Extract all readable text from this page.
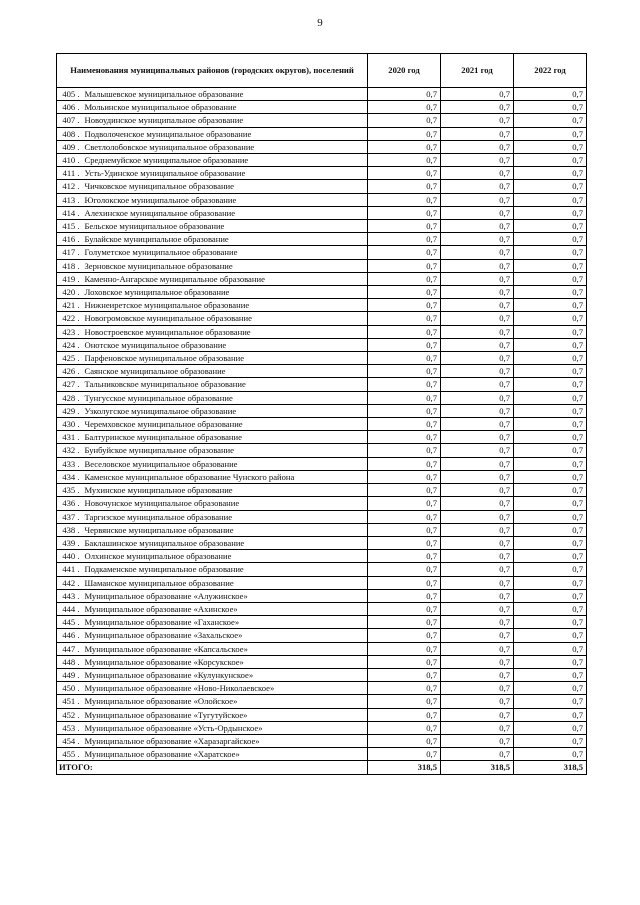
9
Наименования муниципальных районов (городских округов), поселений		2020 год	2021 год	2022 год
405 .	Малышевское муниципальное образование	0,7	0,7	0,7
406 .	Мольинское муниципальное образование	0,7	0,7	0,7
407 .	Новоудинское муниципальное образование	0,7	0,7	0,7
408 .	Подволоченское муниципальное образование	0,7	0,7	0,7
409 .	Светлолобовское муниципальное образование	0,7	0,7	0,7
410 .	Среднемуйское муниципальное образование	0,7	0,7	0,7
411 .	Усть-Удинское муниципальное образование	0,7	0,7	0,7
412 .	Чичковское муниципальное образование	0,7	0,7	0,7
413 .	Юголокское муниципальное образование	0,7	0,7	0,7
414 .	Алехинское муниципальное образование	0,7	0,7	0,7
415 .	Бельское муниципальное образование	0,7	0,7	0,7
416 .	Булайское муниципальное образование	0,7	0,7	0,7
417 .	Голуметское муниципальное образование	0,7	0,7	0,7
418 .	Зерновское муниципальное образование	0,7	0,7	0,7
419 .	Каменно-Ангарское муниципальное образование	0,7	0,7	0,7
420 .	Лоховское муниципальное образование	0,7	0,7	0,7
421 .	Нижнеиретское муниципальное образование	0,7	0,7	0,7
422 .	Новогромовское муниципальное образование	0,7	0,7	0,7
423 .	Новостроевское муниципальное образование	0,7	0,7	0,7
424 .	Онотское муниципальное образование	0,7	0,7	0,7
425 .	Парфеновское муниципальное образование	0,7	0,7	0,7
426 .	Саянское муниципальное образование	0,7	0,7	0,7
427 .	Тальниковское муниципальное образование	0,7	0,7	0,7
428 .	Тунгусское муниципальное образование	0,7	0,7	0,7
429 .	Узколугское муниципальное образование	0,7	0,7	0,7
430 .	Черемховское муниципальное образование	0,7	0,7	0,7
431 .	Балтуринское муниципальное образование	0,7	0,7	0,7
432 .	Бунбуйское муниципальное образование	0,7	0,7	0,7
433 .	Веселовское муниципальное образование	0,7	0,7	0,7
434 .	Каменское муниципальное образование Чунского района	0,7	0,7	0,7
435 .	Мухинское муниципальное образование	0,7	0,7	0,7
436 .	Новочунское муниципальное образование	0,7	0,7	0,7
437 .	Таргизское муниципальное образование	0,7	0,7	0,7
438 .	Червянское муниципальное образование	0,7	0,7	0,7
439 .	Баклашинское муниципальное образование	0,7	0,7	0,7
440 .	Олхинское муниципальное образование	0,7	0,7	0,7
441 .	Подкаменское муниципальное образование	0,7	0,7	0,7
442 .	Шаманское муниципальное образование	0,7	0,7	0,7
443 .	Муниципальное образование «Алужинское»	0,7	0,7	0,7
444 .	Муниципальное образование «Ахинское»	0,7	0,7	0,7
445 .	Муниципальное образование «Гаханское»	0,7	0,7	0,7
446 .	Муниципальное образование «Захальское»	0,7	0,7	0,7
447 .	Муниципальное образование «Капсальское»	0,7	0,7	0,7
448 .	Муниципальное образование «Корсукское»	0,7	0,7	0,7
449 .	Муниципальное образование «Кулункунское»	0,7	0,7	0,7
450 .	Муниципальное образование «Ново-Николаевское»	0,7	0,7	0,7
451 .	Муниципальное образование «Олойское»	0,7	0,7	0,7
452 .	Муниципальное образование «Тугутуйское»	0,7	0,7	0,7
453 .	Муниципальное образование «Усть-Ордынское»	0,7	0,7	0,7
454 .	Муниципальное образование «Харазаргайское»	0,7	0,7	0,7
455 .	Муниципальное образование «Харатское»	0,7	0,7	0,7
ИТОГО:		318,5	318,5	318,5
